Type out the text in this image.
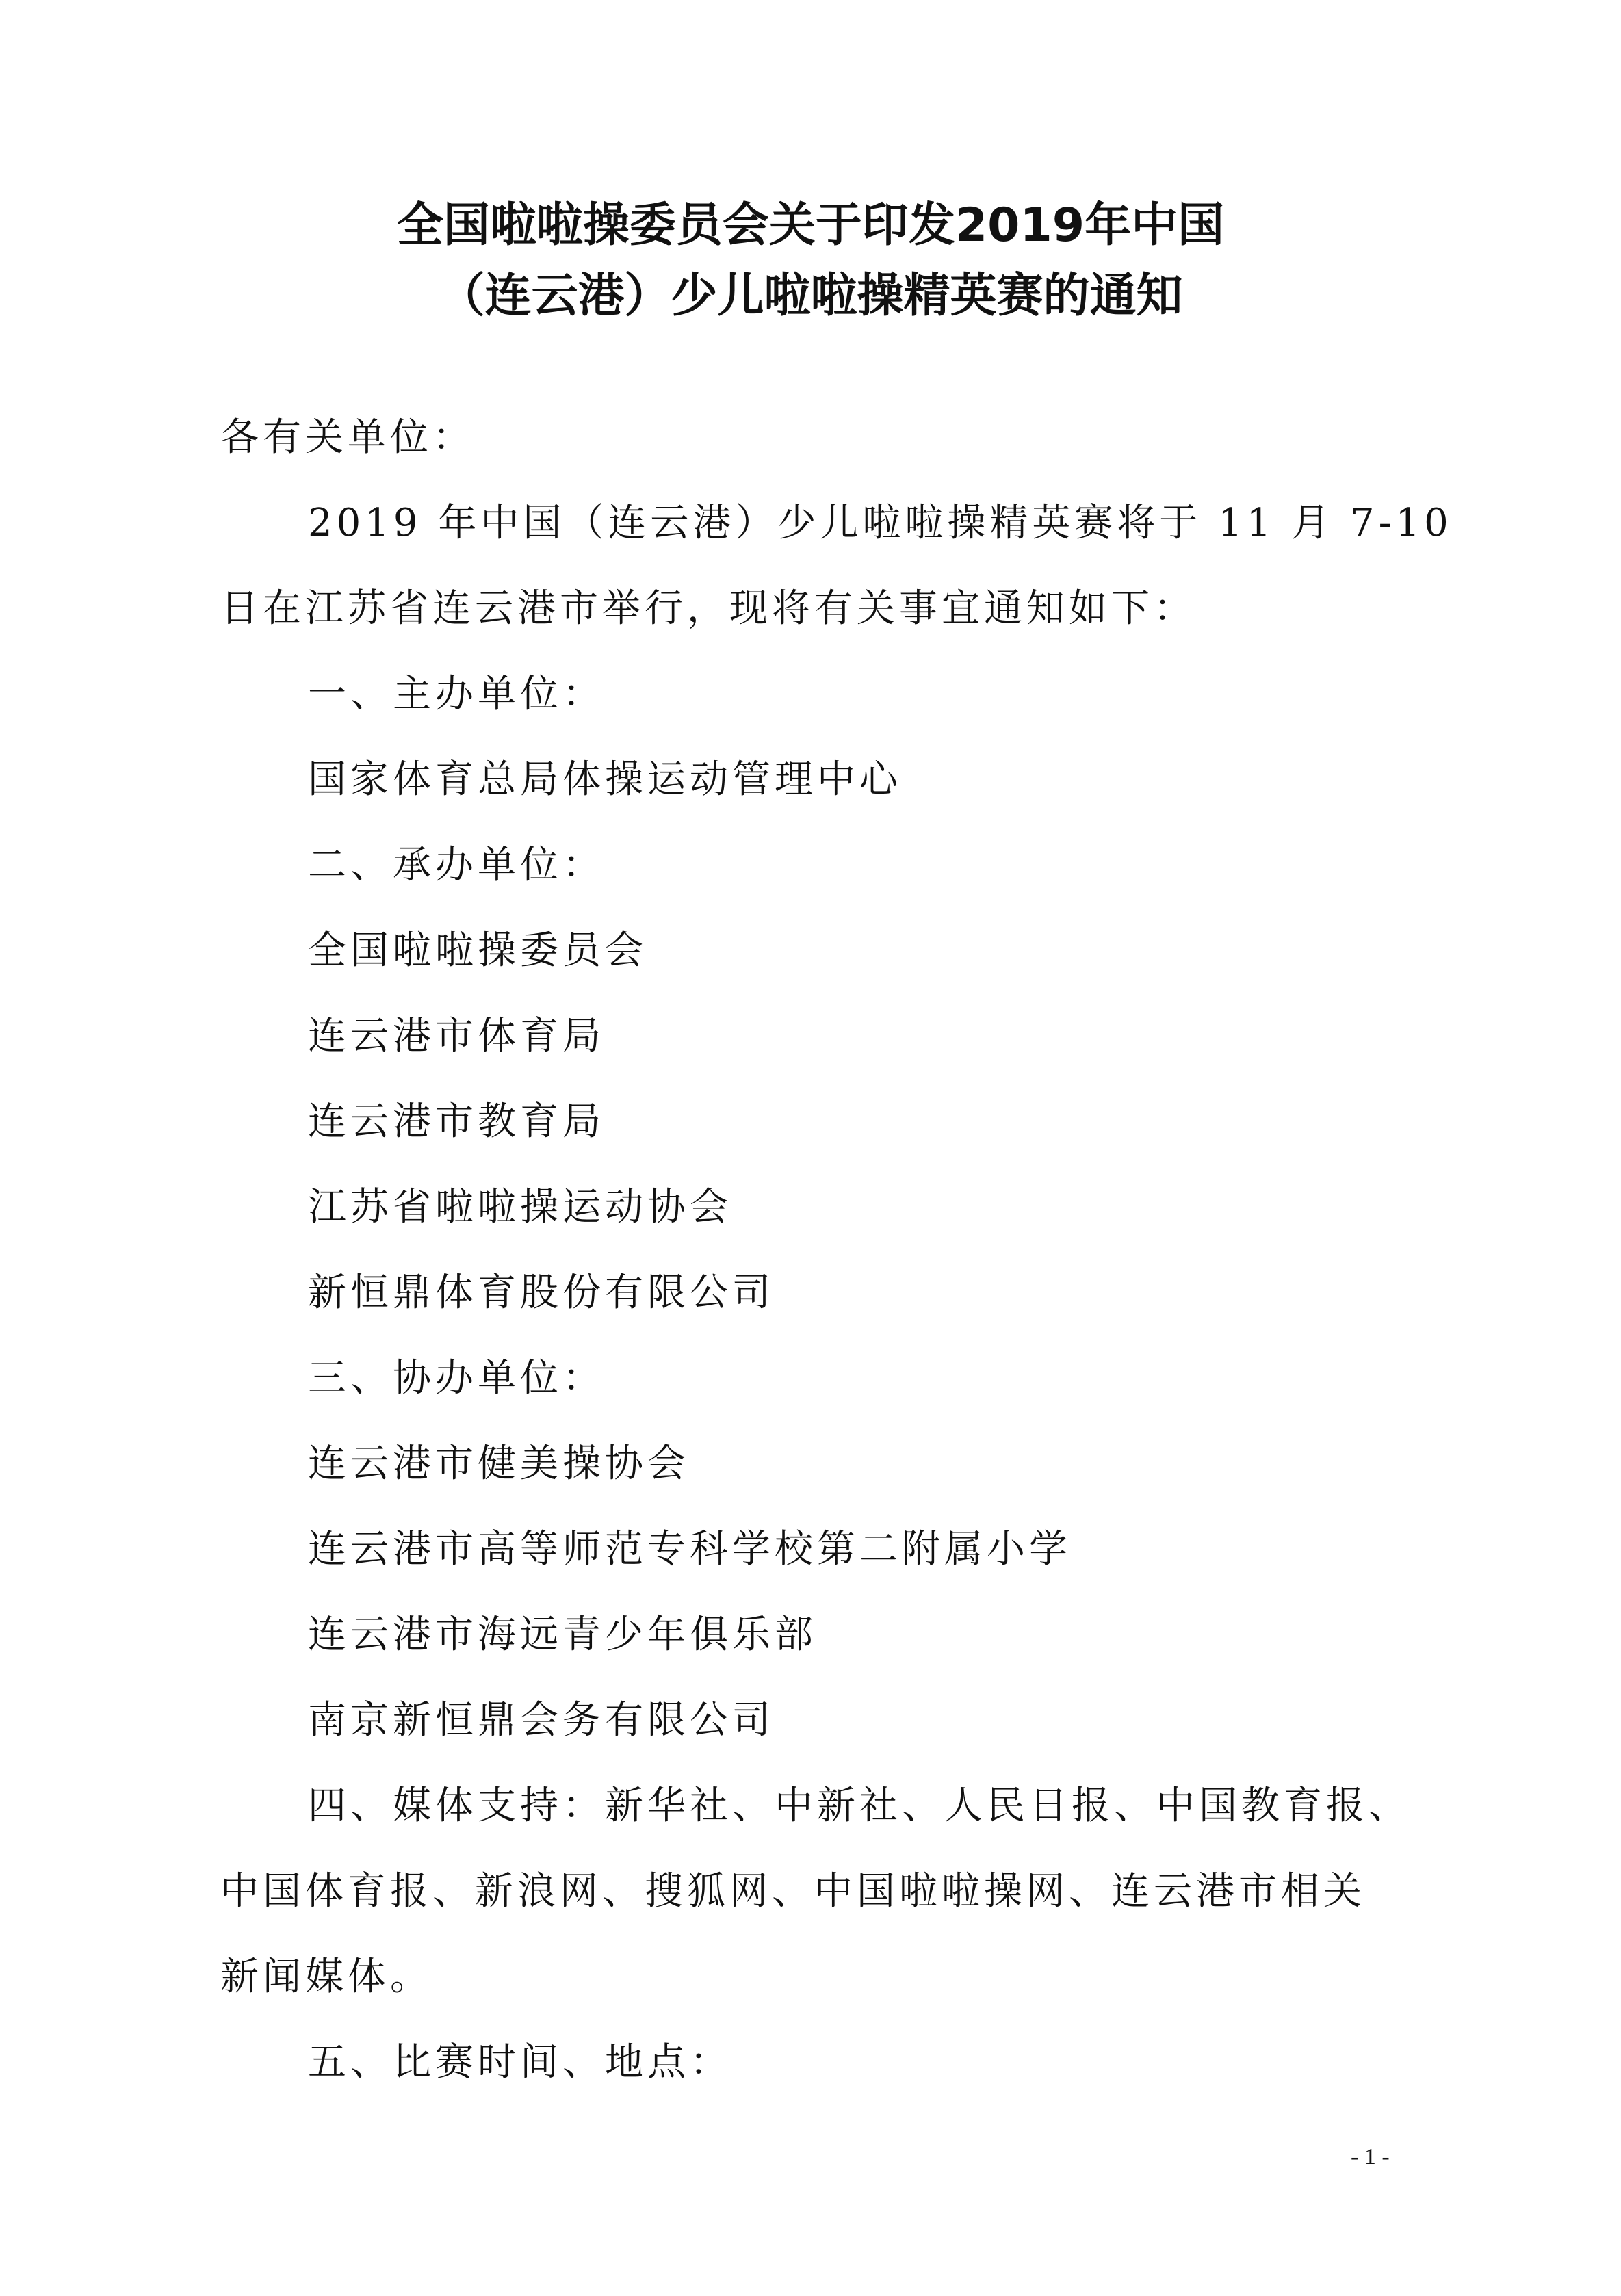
全国啦啦操委员会关于印发2019年中国
（连云港）少儿啦啦操精英赛的通知
各有关单位：
2019 年中国（连云港）少儿啦啦操精英赛将于 11 月 7-10
日在江苏省连云港市举行，现将有关事宜通知如下：
一、主办单位：
国家体育总局体操运动管理中心
二、承办单位：
全国啦啦操委员会
连云港市体育局
连云港市教育局
江苏省啦啦操运动协会
新恒鼎体育股份有限公司
三、协办单位：
连云港市健美操协会
连云港市高等师范专科学校第二附属小学
连云港市海远青少年俱乐部
南京新恒鼎会务有限公司
四、媒体支持：新华社、中新社、人民日报、中国教育报、
中国体育报、新浪网、搜狐网、中国啦啦操网、连云港市相关
新闻媒体。
五、比赛时间、地点：
- 1 -
